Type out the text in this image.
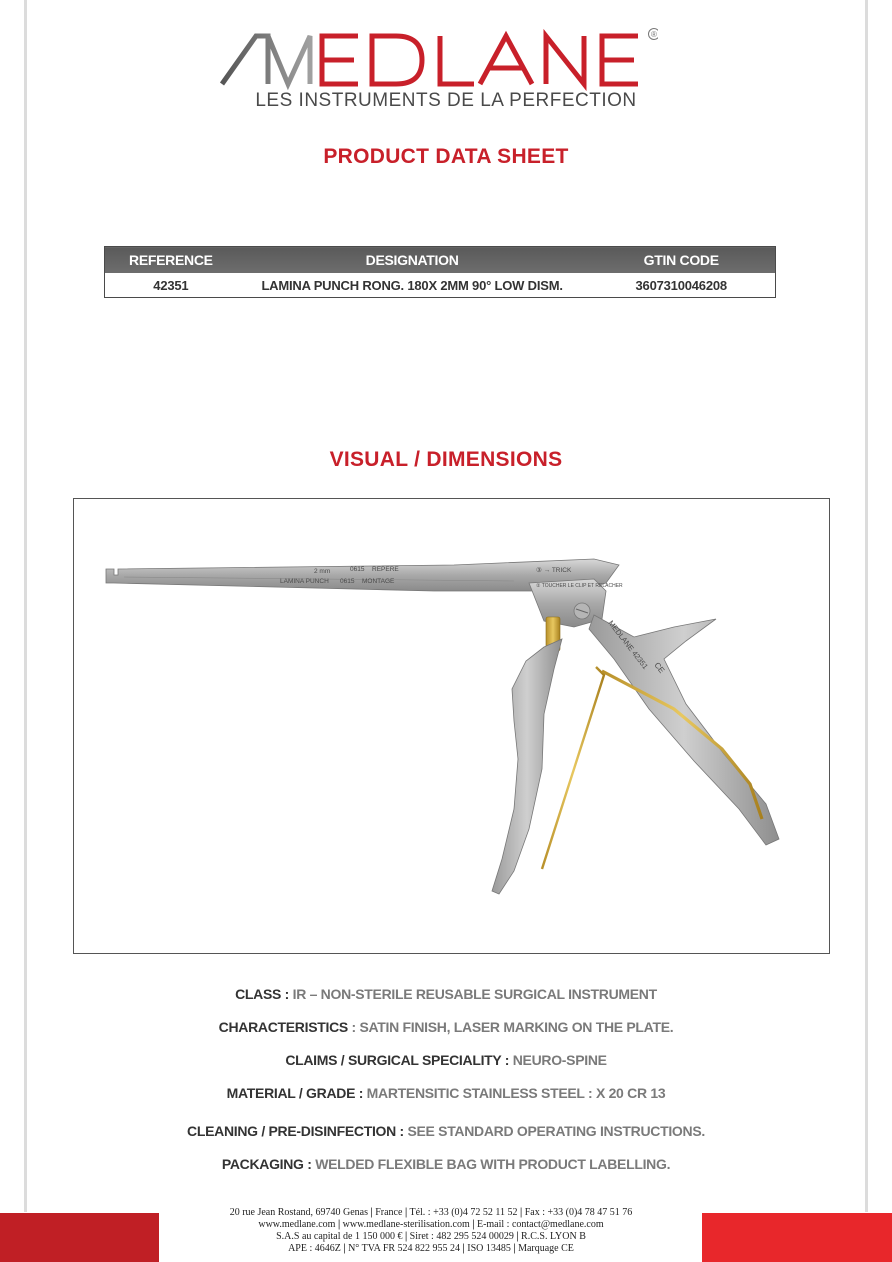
®
LES INSTRUMENTS DE LA PERFECTION
PRODUCT DATA SHEET
REFERENCE	DESIGNATION	GTIN CODE
42351	LAMINA PUNCH RONG. 180X 2MM 90° LOW DISM.	3607310046208
VISUAL / DIMENSIONS
2 mm	0615 REPERE
LAMINA PUNCH 0615 MONTAGE
③ → TRICK
② TOUCHER LE CLIP ET RELACHER
MEDLANE 42351 CE
CLASS : IR – NON-STERILE REUSABLE SURGICAL INSTRUMENT
CHARACTERISTICS : SATIN FINISH, LASER MARKING ON THE PLATE.
CLAIMS / SURGICAL SPECIALITY : NEURO-SPINE
MATERIAL / GRADE : MARTENSITIC STAINLESS STEEL : X 20 CR 13
CLEANING / PRE-DISINFECTION : SEE STANDARD OPERATING INSTRUCTIONS.
PACKAGING : WELDED FLEXIBLE BAG WITH PRODUCT LABELLING.
20 rue Jean Rostand, 69740 Genas | France | Tél. : +33 (0)4 72 52 11 52 | Fax : +33 (0)4 78 47 51 76
www.medlane.com | www.medlane-sterilisation.com | E-mail : contact@medlane.com
S.A.S au capital de 1 150 000 € | Siret : 482 295 524 00029 | R.C.S. LYON B
APE : 4646Z | N° TVA FR 524 822 955 24 | ISO 13485 | Marquage CE
